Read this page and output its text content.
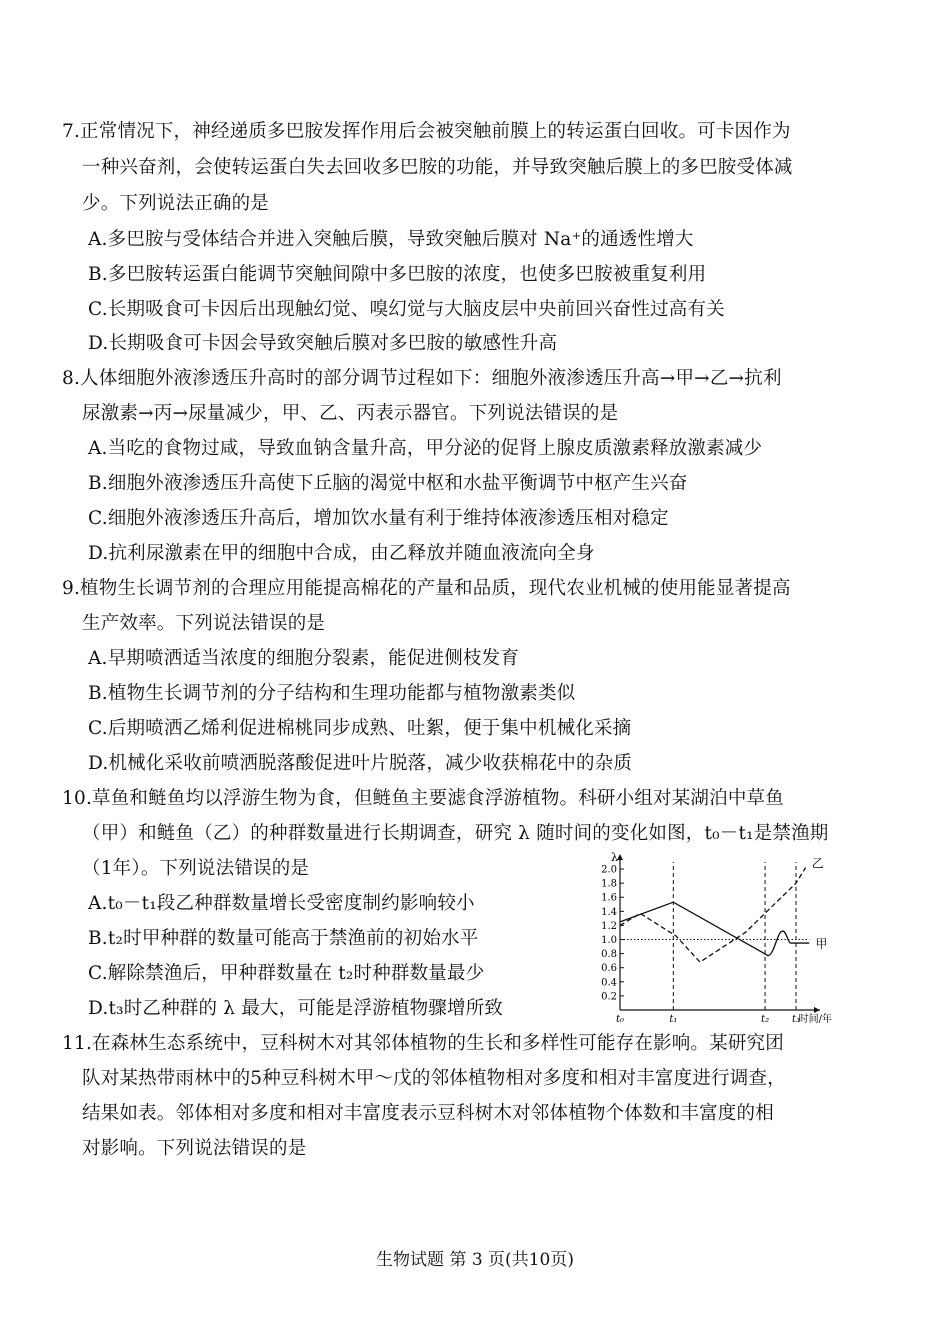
7.正常情况下，神经递质多巴胺发挥作用后会被突触前膜上的转运蛋白回收。可卡因作为
一种兴奋剂，会使转运蛋白失去回收多巴胺的功能，并导致突触后膜上的多巴胺受体减
少。下列说法正确的是
A.多巴胺与受体结合并进入突触后膜，导致突触后膜对 Na⁺的通透性增大
B.多巴胺转运蛋白能调节突触间隙中多巴胺的浓度，也使多巴胺被重复利用
C.长期吸食可卡因后出现触幻觉、嗅幻觉与大脑皮层中央前回兴奋性过高有关
D.长期吸食可卡因会导致突触后膜对多巴胺的敏感性升高
8.人体细胞外液渗透压升高时的部分调节过程如下：细胞外液渗透压升高→甲→乙→抗利
尿激素→丙→尿量减少，甲、乙、丙表示器官。下列说法错误的是
A.当吃的食物过咸，导致血钠含量升高，甲分泌的促肾上腺皮质激素释放激素减少
B.细胞外液渗透压升高使下丘脑的渴觉中枢和水盐平衡调节中枢产生兴奋
C.细胞外液渗透压升高后，增加饮水量有利于维持体液渗透压相对稳定
D.抗利尿激素在甲的细胞中合成，由乙释放并随血液流向全身
9.植物生长调节剂的合理应用能提高棉花的产量和品质，现代农业机械的使用能显著提高
生产效率。下列说法错误的是
A.早期喷洒适当浓度的细胞分裂素，能促进侧枝发育
B.植物生长调节剂的分子结构和生理功能都与植物激素类似
C.后期喷洒乙烯利促进棉桃同步成熟、吐絮，便于集中机械化采摘
D.机械化采收前喷洒脱落酸促进叶片脱落，减少收获棉花中的杂质
10.草鱼和鲢鱼均以浮游生物为食，但鲢鱼主要滤食浮游植物。科研小组对某湖泊中草鱼
（甲）和鲢鱼（乙）的种群数量进行长期调查，研究 λ 随时间的变化如图，t₀－t₁是禁渔期
（1年）。下列说法错误的是
A.t₀－t₁段乙种群数量增长受密度制约影响较小
B.t₂时甲种群的数量可能高于禁渔前的初始水平
C.解除禁渔后，甲种群数量在 t₂时种群数量最少
D.t₃时乙种群的 λ 最大，可能是浮游植物骤增所致
λ
2.0
1.8
1.6
1.4
1.2
1.0
0.8
0.6
0.4
0.2
t₀	t₁	t₂ t₃
时间/年
甲
乙
11.在森林生态系统中，豆科树木对其邻体植物的生长和多样性可能存在影响。某研究团
队对某热带雨林中的5种豆科树木甲～戊的邻体植物相对多度和相对丰富度进行调查，
结果如表。邻体相对多度和相对丰富度表示豆科树木对邻体植物个体数和丰富度的相
对影响。下列说法错误的是
生物试题 第 3 页(共10页)
